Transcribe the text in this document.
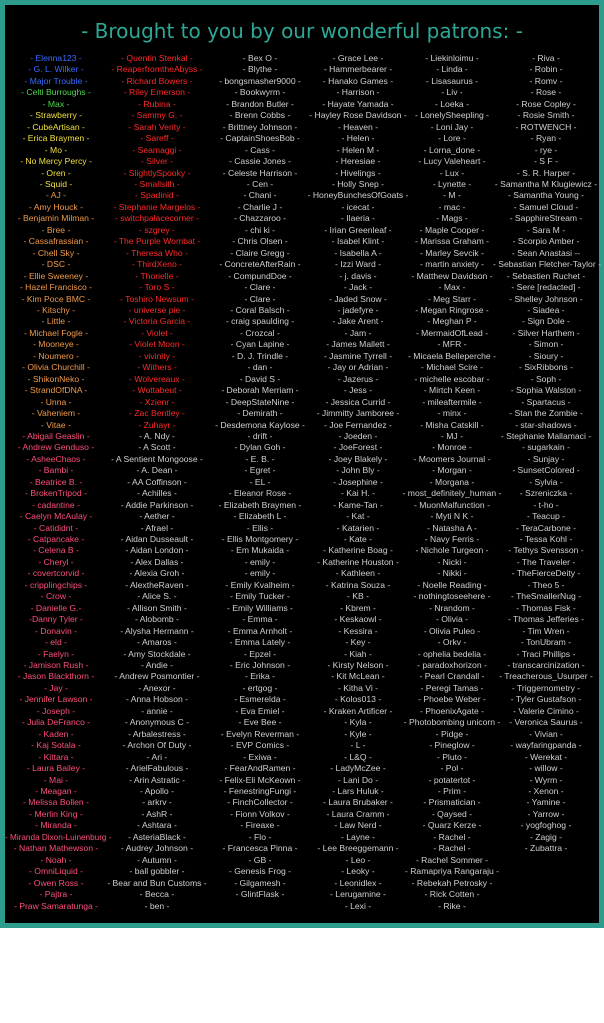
- Brought to you by our wonderful patrons: -
- Elenna123 -
- G. L. Wilker -
- Major Trouble -
- Celti Burroughs -
- Max -
- Strawberry -
- CubeArtisan -
- Erica Braymen -
- Mo -
- No Mercy Percy -
- Oren -
- Squid -
- AJ -
- Amy Houck -
- Benjamin Milman -
- Bree -
- Cassafrassian -
- Chell Sky -
- DSC -
- Ellie Sweeney -
- Hazel Francisco -
- Kim Poce BMC -
- Kitschy -
- Little -
- Michael Fogle -
- Mooneye -
- Noumero -
- Olivia Churchill -
- ShikonNeko -
- StrandOfDNA -
- Unna -
- Vaheniem -
- Vitae -
- Abigail Geaslin -
- Andrew Genduso -
- AsheeChaos -
- Bambi -
- Beatrice B. -
- BrokenTripod -
- cadantine -
- Caelyn McAulay -
- Catididnt -
- Catpancake -
- Celena B -
- Cheryl -
- covertcorvid -
- cripplingchips -
- Crow -
- Danielle G.-
-Danny Tyler -
- Donavin -
- eld -
- Faelyn -
- Jamison Rush -
- Jason Blackthorn -
- Jay -
- Jennifer Lawson -
- Joseph -
- Julia DeFranco -
- Kaden -
- Kaj Sotala -
- Kittara -
- Laura Bailey -
- Mai -
- Meagan -
- Melissa Bollen -
- Merlin King -
- Miranda -
- Miranda Dixon-Luinenburg -
- Nathan Mathewson -
- Noah -
- OmniLiquid -
- Owen Ross -
- Pajtra -
- Praw Samaratunga -
- Quentin Stenkal -
- ReaperfromtheAbyss -
- Richard Bowers -
- Riley Emerson -
- Rubina -
- Sammy G. -
- Sarah Verity -
- Sareff -
- Seamaggi -
- Silver -
- SlightlySpooky -
- Smallsith -
- Spadinid -
- Stephanie Margelos -
- switchpalacecorner -
- szgrey -
- The Purple Wombat -
- Theresa Who -
- ThirdXeno -
- Thorielle -
- Toro S -
- Toshiro Newsum -
- universe pie -
- Victoria Garcia -
- Violet -
- Violet Moon -
- vivinity -
- Withers -
- Wolvereaux -
- Wottabeut -
- Xzienr -
- Zac Bentley -
- Zuhayr -
- A. Ndy -
- A Scott -
- A Sentient Mongoose -
- A. Dean -
- AA Coffinson -
- Achilles -
- Addie Parkinson -
- Aether -
- Afrael -
- Aidan Dusseault -
- Aidan London -
- Alex Dallas -
- Alexia Groh -
- AlextheRaven -
- Alice S. -
- Allison Smith -
- Alobomb -
- Alysha Hermann -
- Amaros -
- Amy Stockdale -
- Andie -
- Andrew Posmontier -
- Anexor -
- Anna Hobson -
- annie -
- Anonymous C -
- Arbalestress -
- Archon Of Duty -
- Ari -
- ArielFabulous -
- Arin Astratic -
- Apollo -
- arkrv -
- AshR -
- Ashtara -
- AsteriaBlack -
- Audrey Johnson -
- Autumn -
- ball gobbler -
- Bear and Bun Customs -
- Becca -
- ben -
- Bex O -
- Blythe -
- bongsmasher9000 -
- Bookwyrm -
- Brandon Butler -
- Brenn Cobbs -
- Brittney Johnson -
- CaptainShoesBob -
- Cass -
- Cassie Jones -
- Celeste Harrison -
- Cen -
- Chani -
- Charlie J -
- Chazzaroo -
- chi ki -
- Chris Olsen -
- Claire Gregg -
- ConcreteAfterRain -
- CompundDoe -
- Clare -
- Clare -
- Coral Balsch -
- craig spaulding -
- Crozcal -
- Cyan Lapine -
- D. J. Trindle -
- dan -
- David S -
- Deborah Merriam -
- DeepStateNine -
- Demirath -
- Desdemona Kaylose -
- drift -
- Dylan Goh -
- E. B. -
- Egret -
- EL -
- Eleanor Rose -
- Elizabeth Braymen -
- Elizabeth L -
- Ellis -
- Ellis Montgomery -
- Em Mukaida -
- emily -
- emily -
- Emily Kvalheim -
- Emily Tucker -
- Emily Williams -
- Emma -
- Emma Arnholt -
- Emma Lately -
- Epzel -
- Eric Johnson -
- Erika -
- ertgog -
- Esmerelda -
- Eva Emiel -
- Eve Bee -
- Evelyn Reverman -
- EVP Comics -
- Exiwa -
- FearAndRamen -
- Felix-Eli McKeown -
- FenestringFungi -
- FinchCollector -
- Fionn Volkov -
- Fireaxe -
- Flo -
- Francesca Pinna -
- GB -
- Genesis Frog -
- Gilgamesh -
- GlintFlask -
- Grace Lee -
- Hammerbearer -
- Hanako Games -
- Harrison -
- Hayate Yamada -
- Hayley Rose Davidson -
- Heaven -
- Helen -
- Helen M -
- Heresiae -
- Hivelings -
- Holly Snep -
- HoneyBunchesOfGoats -
- icecat -
- Ilaeria -
- Irian Greenleaf -
- Isabel Klint -
- Isabella A -
- Izzi Ward -
- j. davis -
- Jack -
- Jaded Snow -
- jadefyre -
- Jake Arent -
- Jam -
- James Mallett -
- Jasmine Tyrrell -
- Jay or Adrian -
- Jazerus -
- Jess -
- Jessica Currid -
- Jimmitty Jamboree -
- Joe Fernandez -
- Joeden -
- JoeForest -
- Joey Blakely -
- John Bly -
- Josephine -
- Kai H. -
- Kame-Tan -
- Kat -
- Katarien -
- Kate -
- Katherine Boag -
- Katherine Houston -
- Kathleen -
- Katrina Souza -
- KB -
- Kbrem -
- Keskaowl -
- Kessira -
- Key -
- Kiah -
- Kirsty Nelson -
- Kit McLean -
- Kitha Vi -
- Kolos013 -
- Kraken Artificer -
- Kyla -
- Kyle -
- L -
- L&Q -
- LadyMcZee -
- Lani Do -
- Lars Huluk -
- Laura Brubaker -
- Laura Cramm -
- Law Nerd -
- Layne -
- Lee Breeggemann -
- Leo -
- Leoky -
- Leonidlex -
- Lerugamine -
- Lexi -
- Liekinloimu -
- Linda -
- Lisasaurus -
- Liv -
- Loeka -
- LonelySheepling -
- Loni Jay -
- Lore -
- Lorna_done -
- Lucy Valeheart -
- Lux -
- Lynette -
- M -
- mac -
- Mags -
- Maple Cooper -
- Marissa Graham -
- Marley Sevcik -
- martin anxiety -
- Matthew Davidson -
- Max -
- Meg Starr -
- Megan Ringrose -
- Meghan P -
- MermaidOfLead -
- MFR -
- Micaela Belleperche -
- Michael Scire -
- michelle escobar -
- Mirtch Keen -
- mileaftermile -
- minx -
- Misha Catskill -
- MJ -
- Monroe -
- Moomers Journal -
- Morgan -
- Morgana -
- most_definitely_human -
- MuonMalfunction -
- Myti N K -
- Natasha A -
- Navy Ferris -
- Nichole Turgeon -
- Nicki -
- Nikki -
- Noelle Reading -
- nothingtoseehere -
- Nrandom -
- Olivia -
- Olivia Puleo -
- Orkv -
- ophelia bedelia -
- paradoxhorizon -
- Pearl Crandall -
- Peregi Tamas -
- Phoebe Weber -
- PhoenixAgate -
- Photobombing unicorn -
- Pidge -
- Pineglow -
- Pluto -
- Pol -
- potatertot -
- Prim -
- Prismatician -
- Qaysed -
- Quarz Kerze -
- Rachel -
- Rachel -
- Rachel Sommer -
- Ramapriya Rangaraju -
- Rebekah Petrosky -
- Rick Cotten -
- Rike -
- Riva -
- Robin -
- Romv -
- Rose -
- Rose Copley -
- Rosie Smith -
- ROTWENCH -
- Ryan -
- rye -
- S F -
- S. R. Harper -
- Samantha M Klugiewicz -
- Samantha Young -
- Samuel Cloud -
- SapphireStream -
- Sara M -
- Scorpio Amber -
- Sean Anastasi --
- Sebastian Fletcher-Taylor -
- Sebastien Ruchet -
- Sere [redacted] -
- Shelley Johnson -
- Siadea -
- Sign Dole -
- Silver Harthem -
- Simon -
- Sioury -
- SixRibbons -
- Soph -
- Sophia Walston -
- Spartacus -
- Stan the Zombie -
- star-shadows -
- Stephanie Mallamaci -
- sugarkain -
- Sunjay -
- SunsetColored -
- Sylvia -
- Szreniczka -
- t-ho -
- Teacup -
- TeraCarbone -
- Tessa Kohl -
- Tethys Svensson -
- The Traveler -
- TheFierceDeity -
- Theo 5 -
- TheSmallerNug -
- Thomas Fisk -
- Thomas Jefferies -
- Tim Wren -
- TonUbram -
- Traci Phillips -
- transcarcinization -
- Treacherous_Usurper -
- Triggernometry -
- Tyler Gustafson -
- Valerie Cimino -
- Veronica Saurus -
- Vivian -
- wayfaringpanda -
- Werekat -
- willow -
- Wyrm -
- Xenon -
- Yamine -
- Yarrow -
- yogfoghog -
- Zagig -
- Zubattra -
